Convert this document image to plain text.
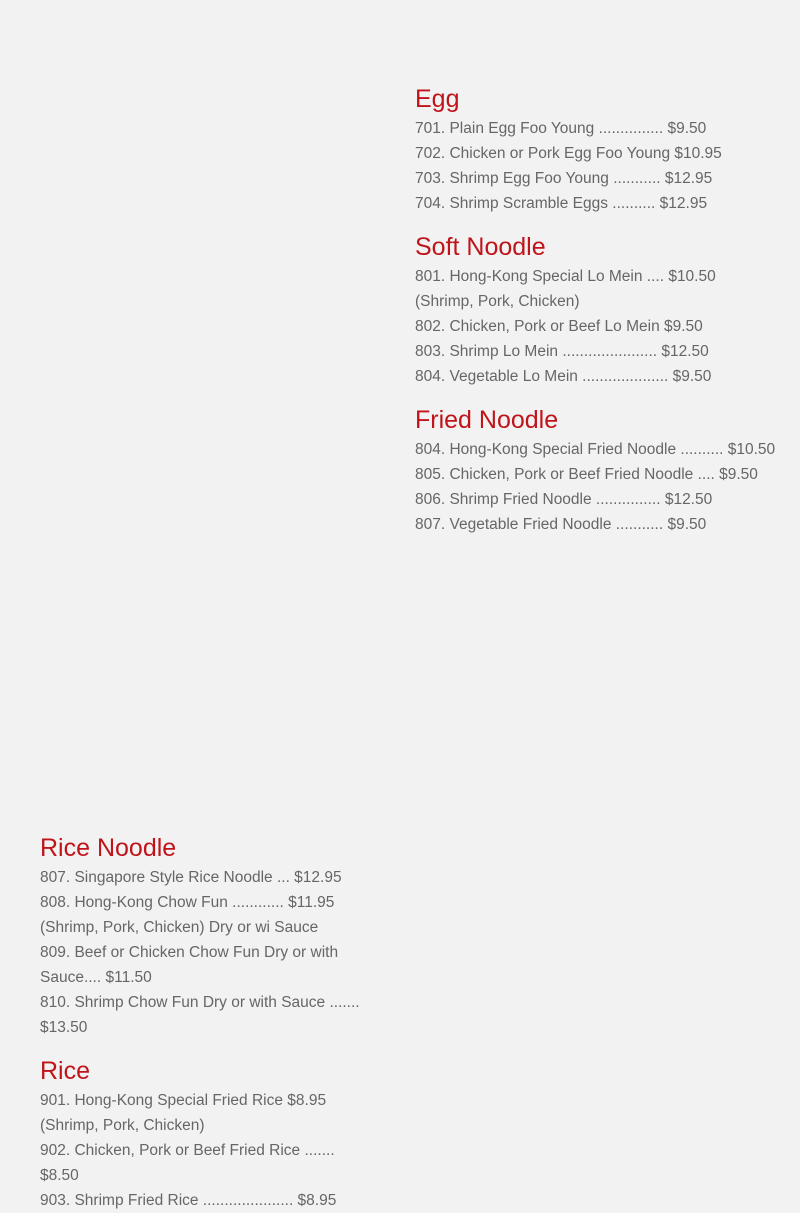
Egg
701. Plain Egg Foo Young ............... $9.50
702. Chicken or Pork Egg Foo Young $10.95
703. Shrimp Egg Foo Young ........... $12.95
704. Shrimp Scramble Eggs .......... $12.95
Soft Noodle
801. Hong-Kong Special Lo Mein .... $10.50
(Shrimp, Pork, Chicken)
802. Chicken, Pork or Beef Lo Mein $9.50
803. Shrimp Lo Mein ...................... $12.50
804. Vegetable Lo Mein .................... $9.50
Fried Noodle
804. Hong-Kong Special Fried Noodle .......... $10.50
805. Chicken, Pork or Beef Fried Noodle .... $9.50
806. Shrimp Fried Noodle ............... $12.50
807. Vegetable Fried Noodle ........... $9.50
Rice Noodle
807. Singapore Style Rice Noodle ... $12.95
808. Hong-Kong Chow Fun ............ $11.95
(Shrimp, Pork, Chicken) Dry or wi Sauce
809. Beef or Chicken Chow Fun Dry or with Sauce.... $11.50
810. Shrimp Chow Fun Dry or with Sauce ....... $13.50
Rice
901. Hong-Kong Special Fried Rice $8.95
(Shrimp, Pork, Chicken)
902. Chicken, Pork or Beef Fried Rice ....... $8.50
903. Shrimp Fried Rice ..................... $8.95
